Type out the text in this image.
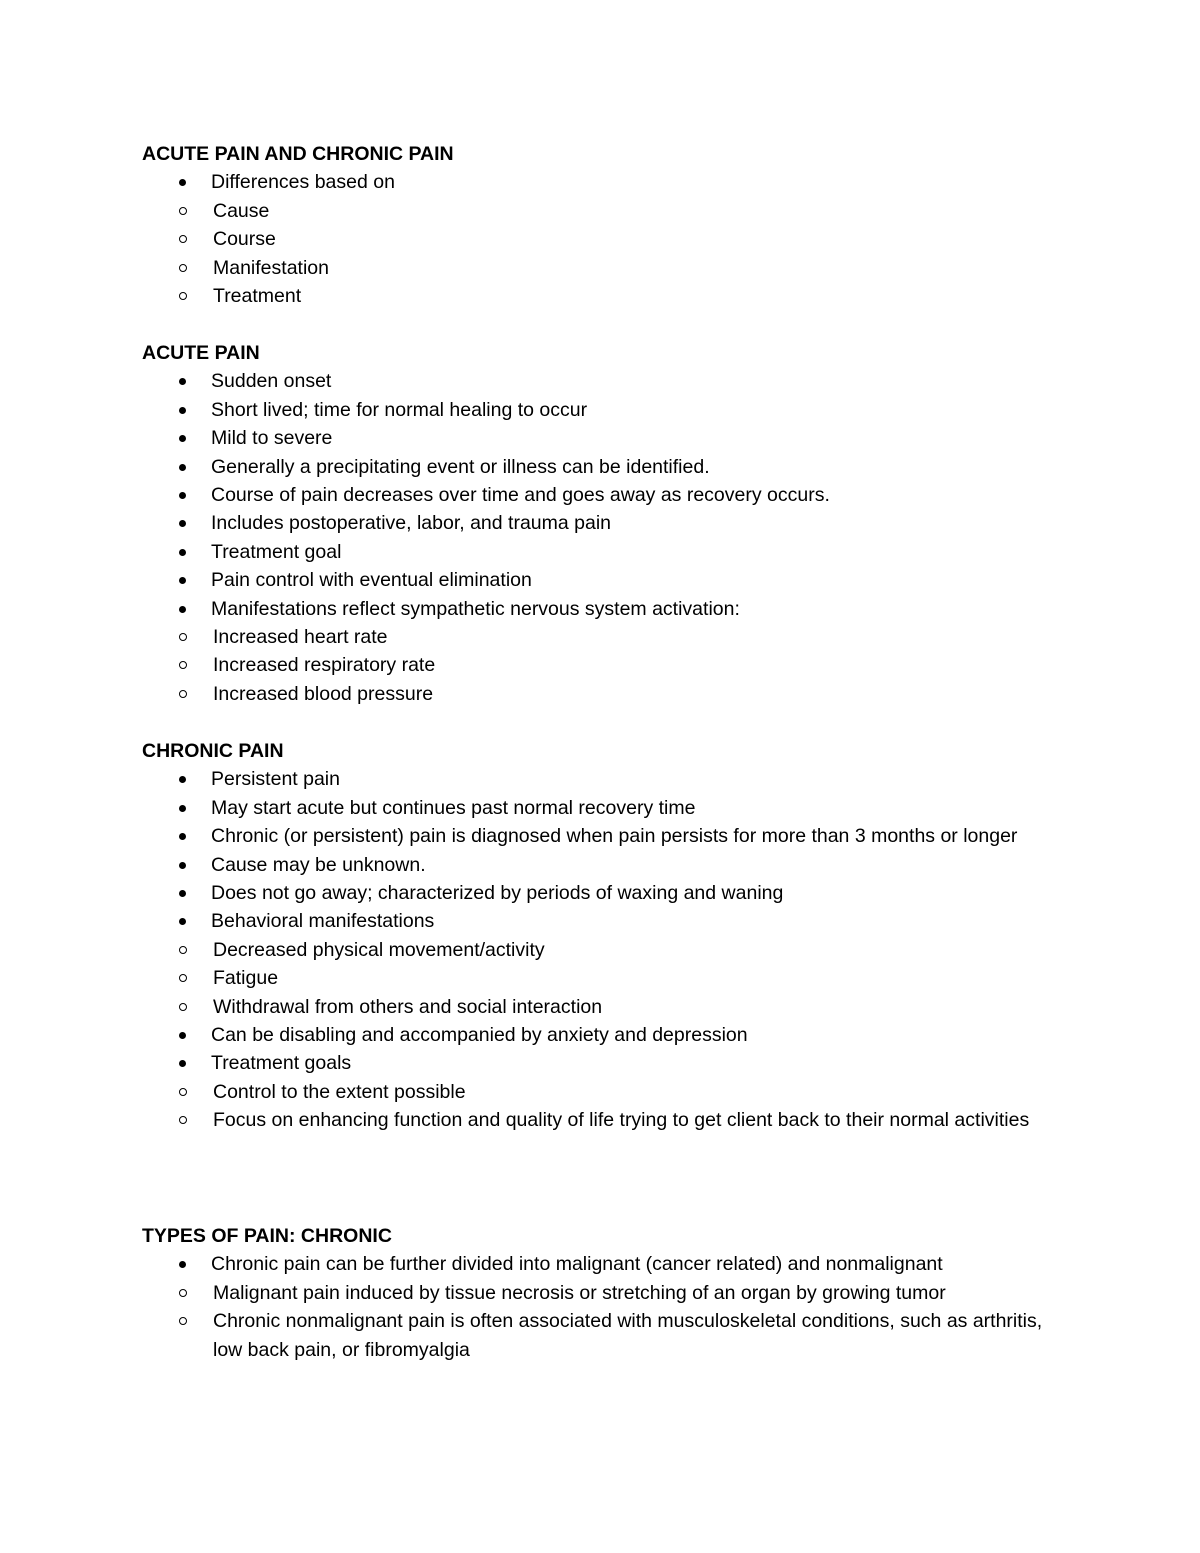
ACUTE PAIN AND CHRONIC PAIN
Differences based on
Cause
Course
Manifestation
Treatment
ACUTE PAIN
Sudden onset
Short lived; time for normal healing to occur
Mild to severe
Generally a precipitating event or illness can be identified.
Course of pain decreases over time and goes away as recovery occurs.
Includes postoperative, labor, and trauma pain
Treatment goal
Pain control with eventual elimination
Manifestations reflect sympathetic nervous system activation:
Increased heart rate
Increased respiratory rate
Increased blood pressure
CHRONIC PAIN
Persistent pain
May start acute but continues past normal recovery time
Chronic (or persistent) pain is diagnosed when pain persists for more than 3 months or longer
Cause may be unknown.
Does not go away; characterized by periods of waxing and waning
Behavioral manifestations
Decreased physical movement/activity
Fatigue
Withdrawal from others and social interaction
Can be disabling and accompanied by anxiety and depression
Treatment goals
Control to the extent possible
Focus on enhancing function and quality of life trying to get client back to their normal activities
TYPES OF PAIN: CHRONIC
Chronic pain can be further divided into malignant (cancer related) and nonmalignant
Malignant pain induced by tissue necrosis or stretching of an organ by growing tumor
Chronic nonmalignant pain is often associated with musculoskeletal conditions, such as arthritis, low back pain, or fibromyalgia
